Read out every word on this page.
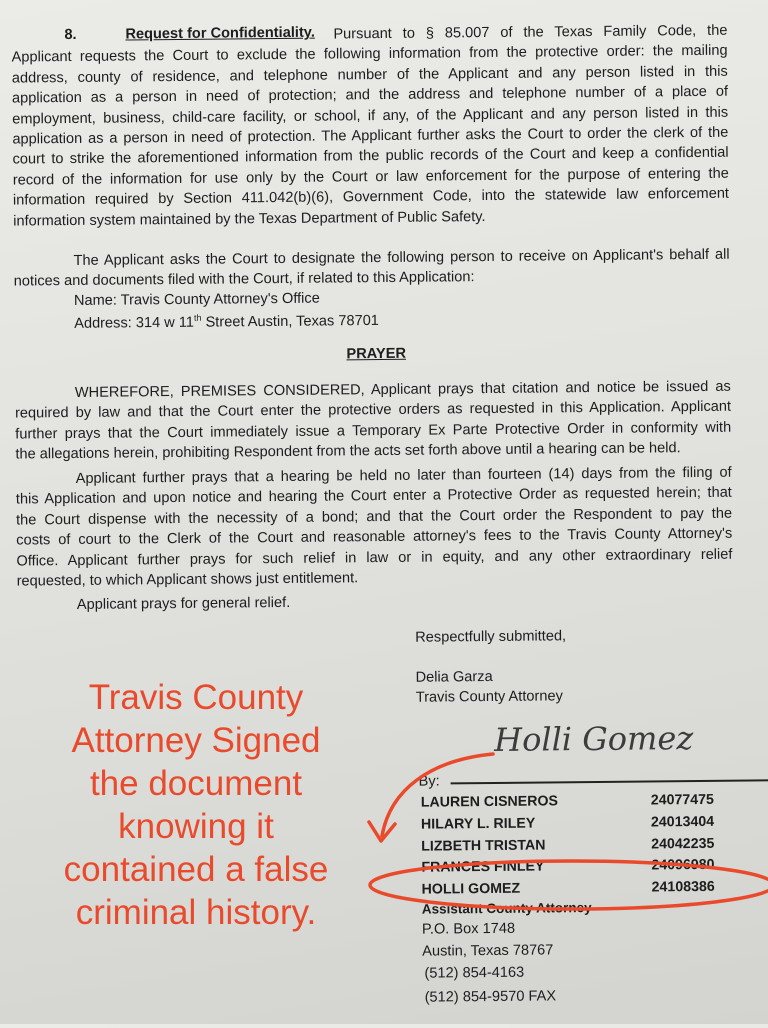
8.	Request for Confidentiality.	Pursuant to § 85.007 of the Texas Family Code, the
Applicant requests the Court to exclude the following information from the protective order: the mailing
address, county of residence, and telephone number of the Applicant and any person listed in this
application as a person in need of protection; and the address and telephone number of a place of
employment, business, child-care facility, or school, if any, of the Applicant and any person listed in this
application as a person in need of protection. The Applicant further asks the Court to order the clerk of the
court to strike the aforementioned information from the public records of the Court and keep a confidential
record of the information for use only by the Court or law enforcement for the purpose of entering the
information required by Section 411.042(b)(6), Government Code, into the statewide law enforcement
information system maintained by the Texas Department of Public Safety.
The Applicant asks the Court to designate the following person to receive on Applicant's behalf all
notices and documents filed with the Court, if related to this Application:
Name: Travis County Attorney's Office
Address: 314 w 11th Street Austin, Texas 78701
PRAYER
WHEREFORE, PREMISES CONSIDERED, Applicant prays that citation and notice be issued as
required by law and that the Court enter the protective orders as requested in this Application. Applicant
further prays that the Court immediately issue a Temporary Ex Parte Protective Order in conformity with
the allegations herein, prohibiting Respondent from the acts set forth above until a hearing can be held.
Applicant further prays that a hearing be held no later than fourteen (14) days from the filing of
this Application and upon notice and hearing the Court enter a Protective Order as requested herein; that
the Court dispense with the necessity of a bond; and that the Court order the Respondent to pay the
costs of court to the Clerk of the Court and reasonable attorney's fees to the Travis County Attorney's
Office. Applicant further prays for such relief in law or in equity, and any other extraordinary relief
requested, to which Applicant shows just entitlement.
Applicant prays for general relief.
Respectfully submitted,
Delia Garza
Travis County Attorney
Holli Gomez
By:
LAUREN CISNEROS	24077475
HILARY L. RILEY	24013404
LIZBETH TRISTAN	24042235
FRANCES FINLEY	24096980
HOLLI GOMEZ	24108386
Assistant County Attorney
P.O. Box 1748
Austin, Texas 78767
(512) 854-4163
(512) 854-9570 FAX
Travis County
Attorney Signed
the document
knowing it
contained a false
criminal history.
